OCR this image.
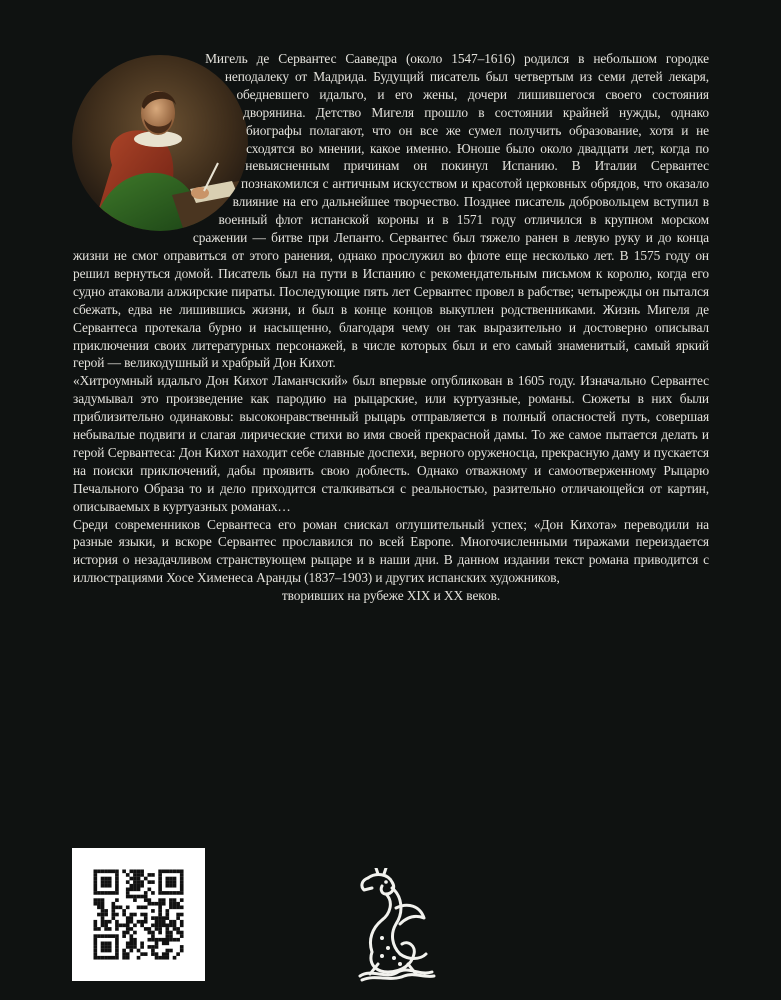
Мигель де Сервантес Сааведра (около 1547–1616) родился в небольшом городке неподалеку от Мадрида. Будущий писатель был четвертым из семи детей лекаря, обедневшего идальго, и его жены, дочери лишившегося своего состояния дворянина. Детство Мигеля прошло в состоянии крайней нужды, однако биографы полагают, что он все же сумел получить образование, хотя и не сходятся во мнении, какое именно. Юноше было около двадцати лет, когда по невыясненным причинам он покинул Испанию. В Италии Сервантес познакомился с античным искусством и красотой церковных обрядов, что оказало влияние на его дальнейшее творчество. Позднее писатель добровольцем вступил в военный флот испанской короны и в 1571 году отличился в крупном морском сражении — битве при Лепанто. Сервантес был тяжело ранен в левую руку и до конца жизни не смог оправиться от этого ранения, однако прослужил во флоте еще несколько лет. В 1575 году он решил вернуться домой. Писатель был на пути в Испанию с рекомендательным письмом к королю, когда его судно атаковали алжирские пираты. Последующие пять лет Сервантес провел в рабстве; четырежды он пытался сбежать, едва не лишившись жизни, и был в конце концов выкуплен родственниками. Жизнь Мигеля де Сервантеса протекала бурно и насыщенно, благодаря чему он так выразительно и достоверно описывал приключения своих литературных персонажей, в числе которых был и его самый знаменитый, самый яркий герой — великодушный и храбрый Дон Кихот.

«Хитроумный идальго Дон Кихот Ламанчский» был впервые опубликован в 1605 году. Изначально Сервантес задумывал это произведение как пародию на рыцарские, или куртуазные, романы. Сюжеты в них были приблизительно одинаковы: высоконравственный рыцарь отправляется в полный опасностей путь, совершая небывалые подвиги и слагая лирические стихи во имя своей прекрасной дамы. То же самое пытается делать и герой Сервантеса: Дон Кихот находит себе славные доспехи, верного оруженосца, прекрасную даму и пускается на поиски приключений, дабы проявить свою доблесть. Однако отважному и самоотверженному Рыцарю Печального Образа то и дело приходится сталкиваться с реальностью, разительно отличающейся от картин, описываемых в куртуазных романах…

Среди современников Сервантеса его роман снискал оглушительный успех; «Дон Кихота» переводили на разные языки, и вскоре Сервантес прославился по всей Европе. Многочисленными тиражами переиздается история о незадачливом странствующем рыцаре и в наши дни. В данном издании текст романа приводится с иллюстрациями Хосе Хименеса Аранды (1837–1903) и других испанских художников,

творивших на рубеже XIX и XX веков.
